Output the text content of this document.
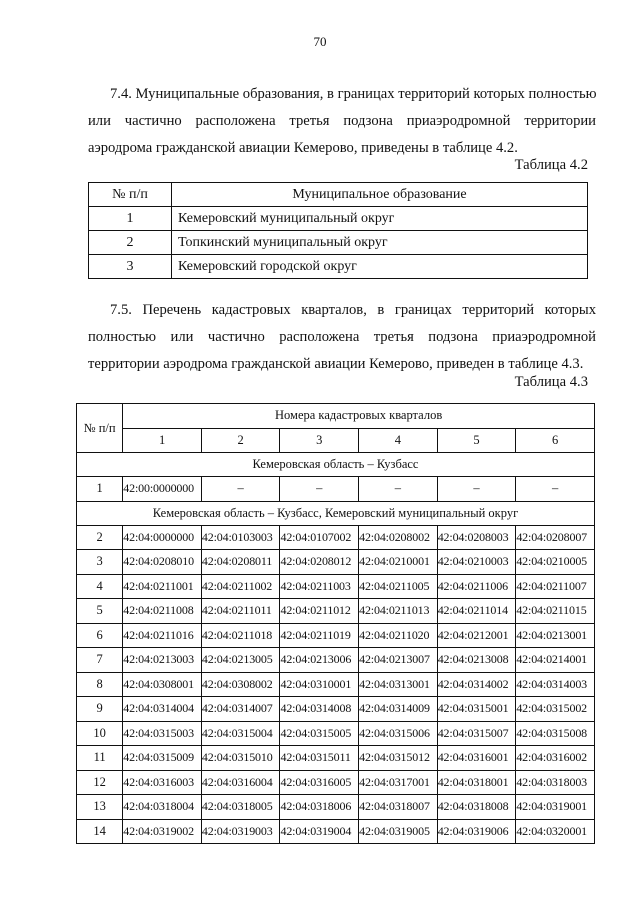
70
7.4. Муниципальные образования, в границах территорий которых полностью
или частично расположена третья подзона приаэродромной территории
аэродрома гражданской авиации Кемерово, приведены в таблице 4.2.
Таблица 4.2
№ п/п	Муниципальное образование
1	Кемеровский муниципальный округ
2	Топкинский муниципальный округ
3	Кемеровский городской округ
7.5. Перечень кадастровых кварталов, в границах территорий которых
полностью или частично расположена третья подзона приаэродромной
территории аэродрома гражданской авиации Кемерово, приведен в таблице 4.3.
Таблица 4.3
№ п/п	Номера кадастровых кварталов					
	1	2	3	4	5	6
Кемеровская область – Кузбасс						
1	42:00:0000000	–	–	–	–	–
Кемеровская область – Кузбасс, Кемеровский муниципальный округ						
2	42:04:0000000	42:04:0103003	42:04:0107002	42:04:0208002	42:04:0208003	42:04:0208007
3	42:04:0208010	42:04:0208011	42:04:0208012	42:04:0210001	42:04:0210003	42:04:0210005
4	42:04:0211001	42:04:0211002	42:04:0211003	42:04:0211005	42:04:0211006	42:04:0211007
5	42:04:0211008	42:04:0211011	42:04:0211012	42:04:0211013	42:04:0211014	42:04:0211015
6	42:04:0211016	42:04:0211018	42:04:0211019	42:04:0211020	42:04:0212001	42:04:0213001
7	42:04:0213003	42:04:0213005	42:04:0213006	42:04:0213007	42:04:0213008	42:04:0214001
8	42:04:0308001	42:04:0308002	42:04:0310001	42:04:0313001	42:04:0314002	42:04:0314003
9	42:04:0314004	42:04:0314007	42:04:0314008	42:04:0314009	42:04:0315001	42:04:0315002
10	42:04:0315003	42:04:0315004	42:04:0315005	42:04:0315006	42:04:0315007	42:04:0315008
11	42:04:0315009	42:04:0315010	42:04:0315011	42:04:0315012	42:04:0316001	42:04:0316002
12	42:04:0316003	42:04:0316004	42:04:0316005	42:04:0317001	42:04:0318001	42:04:0318003
13	42:04:0318004	42:04:0318005	42:04:0318006	42:04:0318007	42:04:0318008	42:04:0319001
14	42:04:0319002	42:04:0319003	42:04:0319004	42:04:0319005	42:04:0319006	42:04:0320001
